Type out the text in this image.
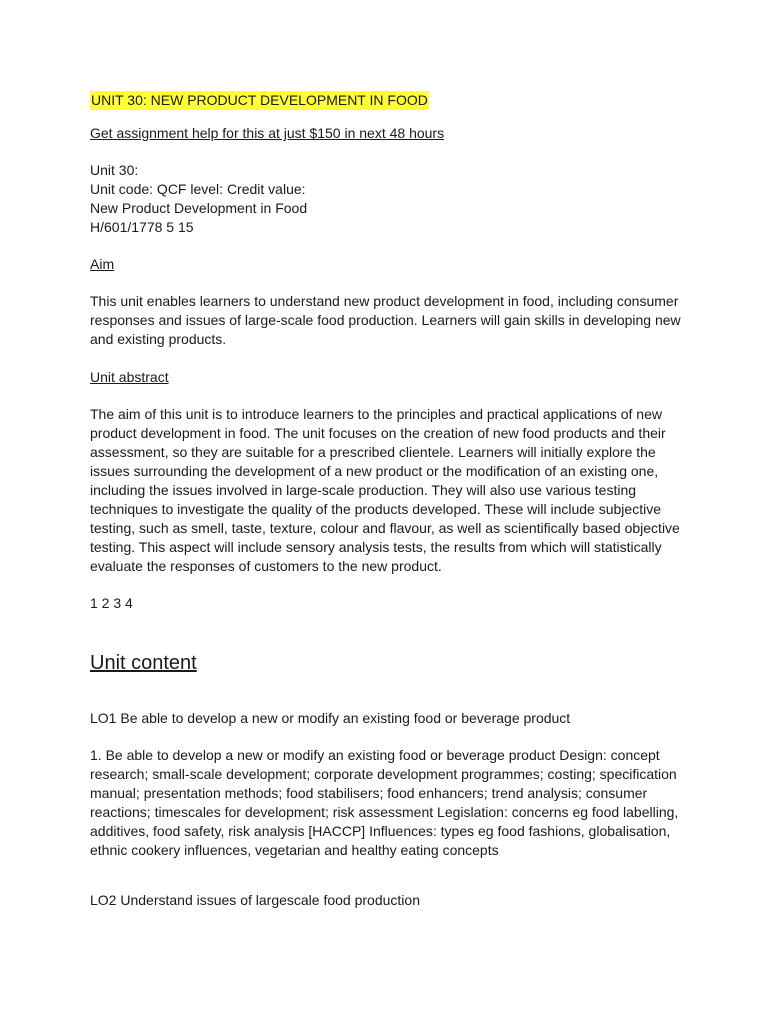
UNIT 30: NEW PRODUCT DEVELOPMENT IN FOOD

Get assignment help for this at just $150 in next 48 hours

Unit 30:
Unit code: QCF level: Credit value:
New Product Development in Food
H/601/1778 5 15

Aim

This unit enables learners to understand new product development in food, including consumer responses and issues of large-scale food production. Learners will gain skills in developing new and existing products.

Unit abstract

The aim of this unit is to introduce learners to the principles and practical applications of new product development in food. The unit focuses on the creation of new food products and their assessment, so they are suitable for a prescribed clientele. Learners will initially explore the issues surrounding the development of a new product or the modification of an existing one, including the issues involved in large-scale production. They will also use various testing techniques to investigate the quality of the products developed. These will include subjective testing, such as smell, taste, texture, colour and flavour, as well as scientifically based objective testing. This aspect will include sensory analysis tests, the results from which will statistically evaluate the responses of customers to the new product.

1 2 3 4

Unit content

LO1 Be able to develop a new or modify an existing food or beverage product

1. Be able to develop a new or modify an existing food or beverage product Design: concept research; small-scale development; corporate development programmes; costing; specification manual; presentation methods; food stabilisers; food enhancers; trend analysis; consumer reactions; timescales for development; risk assessment Legislation: concerns eg food labelling, additives, food safety, risk analysis [HACCP] Influences: types eg food fashions, globalisation, ethnic cookery influences, vegetarian and healthy eating concepts

LO2 Understand issues of largescale food production
